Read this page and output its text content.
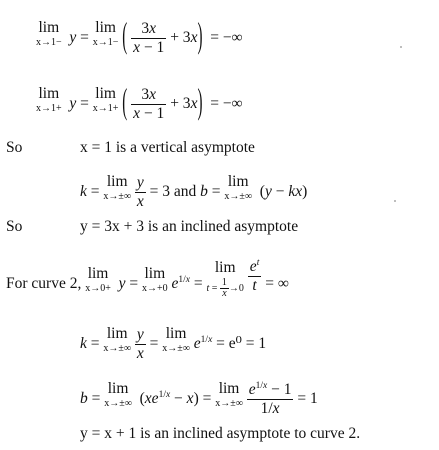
lim
x→1− y = lim
x→1− ( $\frac{3x}{x - 1} + 3x$) = −∞
lim
x→1+ y = lim
x→1+ ( $\frac{3x}{x - 1} + 3x$) = −∞
So	x = 1 is a vertical asymptote
k = lim
x→±∞
$\frac{y}{x} = 3$ and b = lim
x→±∞ (y − kx)
So	y = 3x + 3 is an inclined asymptote
For curve 2, lim
x→0+ y = lim
x→+0 $e^{1/x} = \lim$
$t = \frac{1}{x} \to 0$
$\frac{e^t}{t}$ = ∞
k = lim
x→±∞
$\frac{y}{x} = \lim$
x→±∞ $e^{1/x} = e^0 = 1$
b = lim
x→±∞ $(xe^{1/x} - x) = \lim$
x→±∞
$\frac{e^{1/x} - 1}{1/x} = 1$
y = x + 1 is an inclined asymptote to curve 2.
